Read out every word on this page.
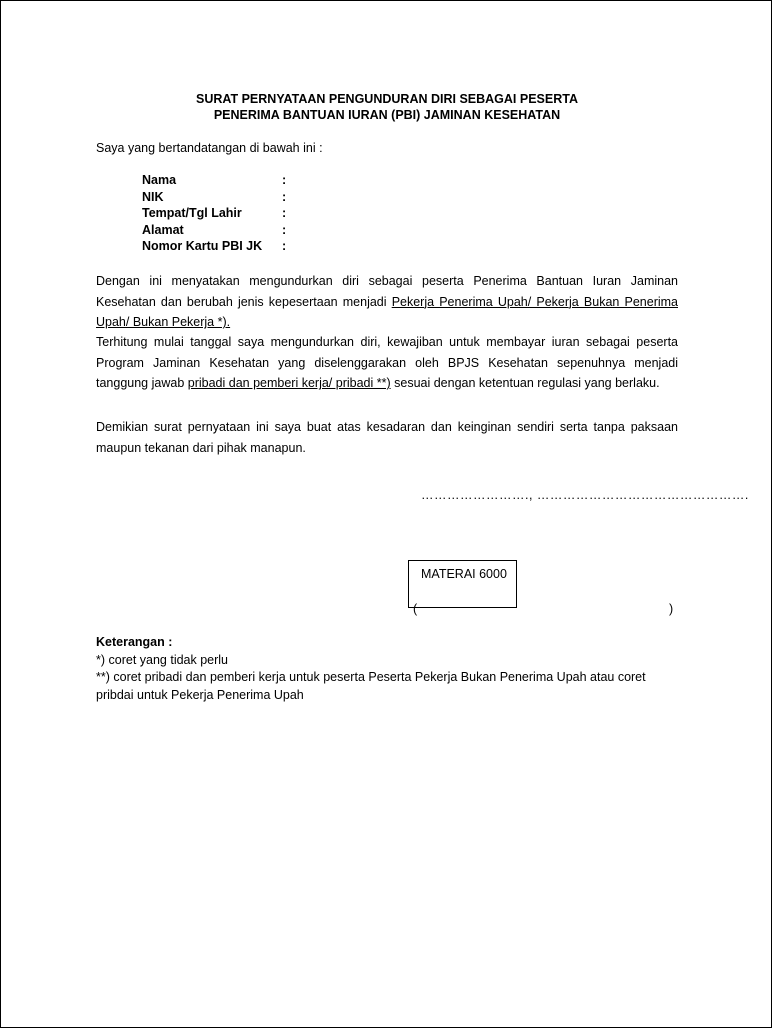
SURAT PERNYATAAN PENGUNDURAN DIRI SEBAGAI PESERTA
PENERIMA BANTUAN IURAN (PBI) JAMINAN KESEHATAN
Saya yang bertandatangan di bawah ini :
Nama	:
NIK	:
Tempat/Tgl Lahir	:
Alamat	:
Nomor Kartu PBI JK :

Dengan ini menyatakan mengundurkan diri sebagai peserta Penerima Bantuan Iuran Jaminan Kesehatan dan berubah jenis kepesertaan menjadi Pekerja Penerima Upah/ Pekerja Bukan Penerima Upah/ Bukan Pekerja *).

Terhitung mulai tanggal saya mengundurkan diri, kewajiban untuk membayar iuran sebagai peserta Program Jaminan Kesehatan yang diselenggarakan oleh BPJS Kesehatan sepenuhnya menjadi tanggung jawab pribadi dan pemberi kerja/ pribadi **) sesuai dengan ketentuan regulasi yang berlaku.

Demikian surat pernyataan ini saya buat atas kesadaran dan keinginan sendiri serta tanpa paksaan maupun tekanan dari pihak manapun.

……………………., ………………………………………….
MATERAI 6000
(	)
Keterangan :
*) coret yang tidak perlu
**) coret pribadi dan pemberi kerja untuk peserta Peserta Pekerja Bukan Penerima Upah atau coret
pribdai untuk Pekerja Penerima Upah
